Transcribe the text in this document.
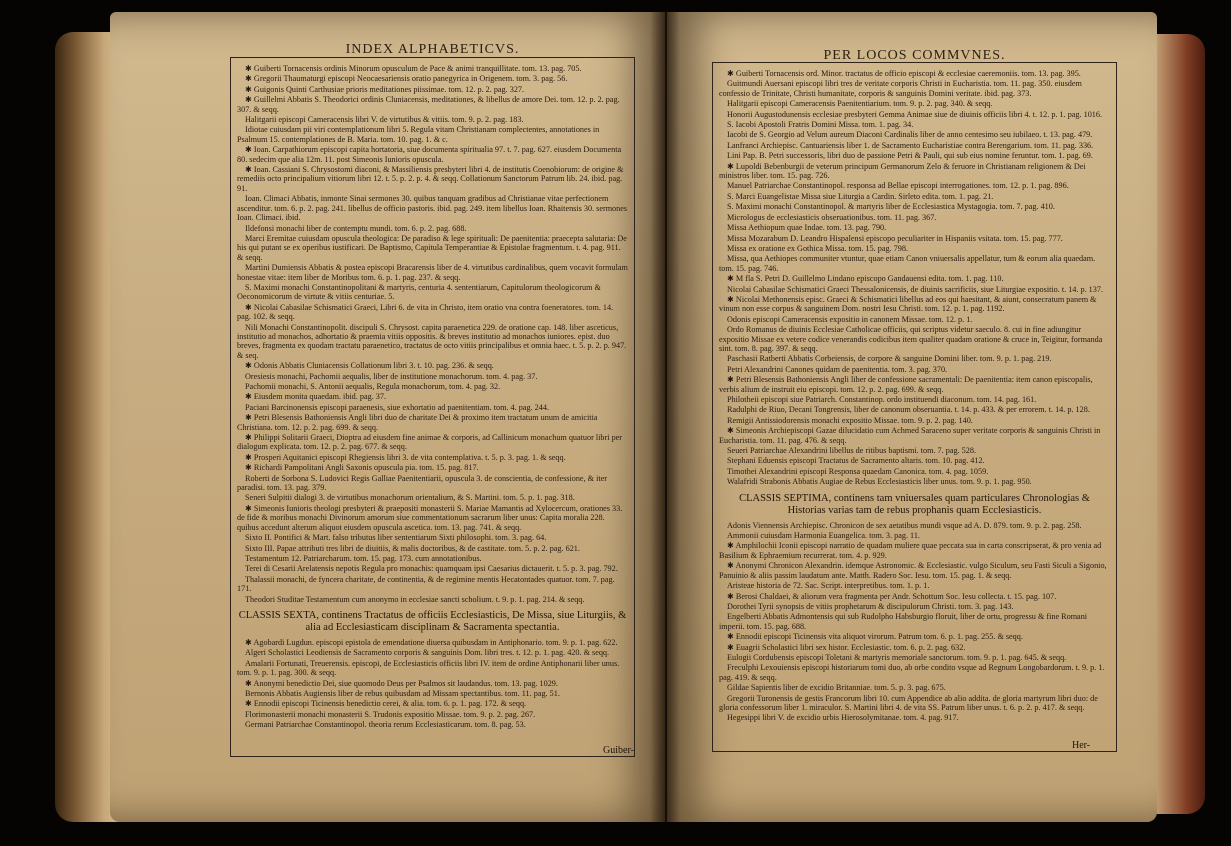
INDEX ALPHABETICVS.
✱ Guiberti Tornacensis ordinis Minorum opusculum de Pace & animi tranquillitate. tom. 13. pag. 705.
✱ Gregorii Thaumaturgi episcopi Neocaesariensis oratio panegyrica in Origenem. tom. 3. pag. 56.
✱ Guigonis Quinti Carthusiae prioris meditationes piissimae. tom. 12. p. 2. pag. 327.
✱ Guillelmi Abbatis S. Theodorici ordinis Cluniacensis, meditationes, & libellus de amore Dei. tom. 12. p. 2. pag. 307. & seqq.
Halitgarii episcopi Cameracensis libri V. de virtutibus & vitiis. tom. 9. p. 2. pag. 183.
Idiotae cuiusdam pii viri contemplationum libri 5. Regula vitam Christianam complectentes, annotationes in Psalmum 15. contemplationes de B. Maria. tom. 10. pag. 1. & c.
✱ Ioan. Carpathiorum episcopi capita hortatoria, siue documenta spiritualia 97. t. 7. pag. 627. eiusdem Documenta 80. sedecim que alia 12m. 11. post Simeonis Iunioris opuscula.
✱ Ioan. Cassiani S. Chrysostomi diaconi, & Massiliensis presbyteri libri 4. de institutis Coenobiorum: de origine & remediis octo principalium vitiorum libri 12. t. 5. p. 2. p. 4. & seqq. Collationum Sanctorum Patrum lib. 24. ibid. pag. 91.
Ioan. Climaci Abbatis, inmonte Sinai sermones 30. quibus tanquam gradibus ad Christianae vitae perfectionem ascenditur. tom. 6. p. 2. pag. 241. libellus de officio pastoris. ibid. pag. 249. item libellus Ioan. Rhaitensis 30. sermones Ioan. Climaci. ibid.
Ildefonsi monachi liber de contemptu mundi. tom. 6. p. 2. pag. 688.
Marci Eremitae cuiusdam opuscula theologica: De paradiso & lege spirituali: De paenitentia: praecepta salutaria: De his qui putant se ex operibus iustificari. De Baptismo, Capitula Temperantiae & Epistolae fragmentum. t. 4. pag. 911. & seqq.
Martini Dumiensis Abbatis & postea episcopi Bracarensis liber de 4. virtutibus cardinalibus, quem vocavit formulam honestae vitae: item liber de Moribus tom. 6. p. 1. pag. 237. & seqq.
S. Maximi monachi Constantinopolitani & martyris, centuria 4. sententiarum, Capitulorum theologicorum & Oeconomicorum de virtute & vitiis centuriae. 5.
✱ Nicolai Cabasilae Schismatici Graeci, Libri 6. de vita in Christo, item oratio vna contra foeneratores. tom. 14. pag. 102. & seqq.
Nili Monachi Constantinopolit. discipuli S. Chrysost. capita paraenetica 229. de oratione cap. 148. liber asceticus, institutio ad monachos, adhortatio & praemia vitiis oppositis. & breves institutio ad monachos iuniores. epist. duo breves, fragmenta ex quodam tractatu paraenetico, tractatus de octo vitiis principalibus et omnia haec. t. 5. p. 2. p. 947. & seq.
✱ Odonis Abbatis Cluniacensis Collationum libri 3. t. 10. pag. 236. & seqq.
Oresiesis monachi, Pachomii aequalis, liber de institutione monachorum. tom. 4. pag. 37.
Pachomii monachi, S. Antonii aequalis, Regula monachorum, tom. 4. pag. 32.
✱ Eiusdem monita quaedam. ibid. pag. 37.
Paciani Barcinonensis episcopi paraenesis, siue exhortatio ad paenitentiam. tom. 4. pag. 244.
✱ Petri Blesensis Bathoniensis Angli libri duo de charitate Dei & proximo item tractatum unum de amicitia Christiana. tom. 12. p. 2. pag. 699. & seqq.
✱ Philippi Solitarii Graeci, Dioptra ad eiusdem fine animae & corporis, ad Callinicum monachum quatuor libri per dialogum explicata. tom. 12. p. 2. pag. 677. & seqq.
✱ Prosperi Aquitanici episcopi Rhegiensis libri 3. de vita contemplativa. t. 5. p. 3. pag. 1. & seqq.
✱ Richardi Pampolitani Angli Saxonis opuscula pia. tom. 15. pag. 817.
Roberti de Sorbona S. Ludovici Regis Galliae Paenitentiarii, opuscula 3. de conscientia, de confessione, & iter paradisi. tom. 13. pag. 379.
Seneri Sulpitii dialogi 3. de virtutibus monachorum orientalium, & S. Martini. tom. 5. p. 1. pag. 318.
✱ Simeonis Iunioris theologi presbyteri & praepositi monasterii S. Mariae Mamantis ad Xylocercum, orationes 33. de fide & moribus monachi Divinorum amorum siue commentationum sacrarum liber unus: Capita moralia 228. quibus accedunt alterum aliquot eiusdem opuscula ascetica. tom. 13. pag. 741. & seqq.
Sixto II. Pontifici & Mart. falso tributus liber sententiarum Sixti philosophi. tom. 3. pag. 64.
Sixto III. Papae attributi tres libri de diuitiis, & malis doctoribus, & de castitate. tom. 5. p. 2. pag. 621.
Testamentum 12. Patriarcharum. tom. 15. pag. 173. cum annotationibus.
Terei di Cesarii Arelatensis nepotis Regula pro monachis: quamquam ipsi Caesarius dictauerit. t. 5. p. 3. pag. 792.
Thalassii monachi, de fyncera charitate, de continentia, & de regimine mentis Hecatontades quatuor. tom. 7. pag. 171.
Theodori Studitae Testamentum cum anonymo in ecclesiae sancti scholium. t. 9. p. 1. pag. 214. & seqq.
CLASSIS SEXTA, continens Tractatus de officiis Ecclesiasticis, De Missa, siue Liturgiis, & alia ad Ecclesiasticam disciplinam & Sacramenta spectantia.
✱ Agobardi Lugdun. episcopi epistola de emendatione diuersa quibusdam in Antiphonario. tom. 9. p. 1. pag. 622.
Algeri Scholastici Leodiensis de Sacramento corporis & sanguinis Dom. libri tres. t. 12. p. 1. pag. 420. & seqq.
Amalarii Fortunati, Treuerensis. episcopi, de Ecclesiasticis officiis libri IV. item de ordine Antiphonarii liber unus. tom. 9. p. 1. pag. 300. & seqq.
✱ Anonymi benedictio Dei, siue quomodo Deus per Psalmos sit laudandus. tom. 13. pag. 1029.
Bernonis Abbatis Augiensis liber de rebus quibusdam ad Missam spectantibus. tom. 11. pag. 51.
✱ Ennodii episcopi Ticinensis benedictio cerei, & alia. tom. 6. p. 1. pag. 172. & seqq.
Florimonasterii monachi monasterii S. Trudonis expositio Missae. tom. 9. p. 2. pag. 267.
Germani Patriarchae Constantinopol. theoria rerum Ecclesiasticarum. tom. 8. pag. 53.
Guiber-
PER LOCOS COMMVNES.
✱ Guiberti Tornacensis ord. Minor. tractatus de officio episcopi & ecclesiae caeremoniis. tom. 13. pag. 395.
Guitmundi Auersani episcopi libri tres de veritate corporis Christi in Eucharistia. tom. 11. pag. 350. eiusdem confessio de Trinitate, Christi humanitate, corporis & sanguinis Domini veritate. ibid. pag. 373.
Halitgarii episcopi Cameracensis Paenitentiarium. tom. 9. p. 2. pag. 340. & seqq.
Honorii Augustodunensis ecclesiae presbyteri Gemma Animae siue de diuinis officiis libri 4. t. 12. p. 1. pag. 1016.
S. Iacobi Apostoli Fratris Domini Missa. tom. 1. pag. 34.
Iacobi de S. Georgio ad Velum aureum Diaconi Cardinalis liber de anno centesimo seu iubilaeo. t. 13. pag. 479.
Lanfranci Archiepisc. Cantuariensis liber 1. de Sacramento Eucharistiae contra Berengarium. tom. 11. pag. 336.
Lini Pap. B. Petri successoris, libri duo de passione Petri & Pauli, qui sub eius nomine feruntur. tom. 1. pag. 69.
✱ Lupoldi Bebenburgii de veterum principum Germanorum Zelo & feruore in Christianam religionem & Dei ministros liber. tom. 15. pag. 726.
Manuel Patriarchae Constantinopol. responsa ad Bellae episcopi interrogationes. tom. 12. p. 1. pag. 896.
S. Marci Euangelistae Missa siue Liturgia a Cardin. Sirleto edita. tom. 1. pag. 21.
S. Maximi monachi Constantinopol. & martyris liber de Ecclesiastica Mystagogia. tom. 7. pag. 410.
Micrologus de ecclesiasticis obseruationibus. tom. 11. pag. 367.
Missa Aethiopum quae Indae. tom. 13. pag. 790.
Missa Mozarabum D. Leandro Hispalensi episcopo peculiariter in Hispaniis vsitata. tom. 15. pag. 777.
Missa ex oratione ex Gothica Missa. tom. 15. pag. 798.
Missa, qua Aethiopes communiter vtuntur, quae etiam Canon vniuersalis appellatur, tum & eorum alia quaedam. tom. 15. pag. 746.
✱ M fla S. Petri D. Guillelmo Lindano episcopo Gandauensi edita. tom. 1. pag. 110.
Nicolai Cabasilae Schismatici Graeci Thessalonicensis, de diuinis sacrificiis, siue Liturgiae expositio. t. 14. p. 137.
✱ Nicolai Methonensis episc. Graeci & Schismatici libellus ad eos qui haesitant, & aiunt, consecratum panem & vinum non esse corpus & sanguinem Dom. nostri Iesu Christi. tom. 12. p. 1. pag. 1192.
Odonis episcopi Cameracensis expositio in canonem Missae. tom. 12. p. 1.
Ordo Romanus de diuinis Ecclesiae Catholicae officiis, qui scriptus videtur saeculo. 8. cui in fine adiungitur expositio Missae ex vetere codice venerandis codicibus item qualiter quadam oratione & cruce in, Teigitur, formanda sint. tom. 8. pag. 397. & seqq.
Paschasii Ratberti Abbatis Corbeiensis, de corpore & sanguine Domini liber. tom. 9. p. 1. pag. 219.
Petri Alexandrini Canones quidam de paenitentia. tom. 3. pag. 370.
✱ Petri Blesensis Bathoniensis Angli liber de confessione sacramentali: De paenitentia: item canon episcopalis, verbis alium de instruit eiu episcopi. tom. 12. p. 2. pag. 699. & seqq.
Philotheii episcopi siue Patriarch. Constantinop. ordo instituendi diaconum. tom. 14. pag. 161.
Radulphi de Riuo, Decani Tongrensis, liber de canonum obseruantia. t. 14. p. 433. & per errorem. t. 14. p. 128.
Remigii Antissiodorensis monachi expositio Missae. tom. 9. p. 2. pag. 140.
✱ Simeonis Archiepiscopi Gazae dilucidatio cum Achmed Saraceno super veritate corporis & sanguinis Christi in Eucharistia. tom. 11. pag. 476. & seqq.
Seueri Patriarchae Alexandrini libellus de ritibus baptismi. tom. 7. pag. 528.
Stephani Eduensis episcopi Tractatus de Sacramento altaris. tom. 10. pag. 412.
Timothei Alexandrini episcopi Responsa quaedam Canonica. tom. 4. pag. 1059.
Walafridi Strabonis Abbatis Augiae de Rebus Ecclesiasticis liber unus. tom. 9. p. 1. pag. 950.
CLASSIS SEPTIMA, continens tam vniuersales quam particulares Chronologias & Historias varias tam de rebus prophanis quam Ecclesiasticis.
Adonis Viennensis Archiepisc. Chronicon de sex aetatibus mundi vsque ad A. D. 879. tom. 9. p. 2. pag. 258.
Ammonii cuiusdam Harmonia Euangelica. tom. 3. pag. 11.
✱ Amphilochii Iconii episcopi narratio de quadam muliere quae peccata sua in carta conscripserat, & pro venia ad Basilium & Ephraemium recurrerat. tom. 4. p. 929.
✱ Anonymi Chronicon Alexandrin. idemque Astronomic. & Ecclesiastic. vulgo Siculum, seu Fasti Siculi a Sigonio, Panuinio & aliis passim laudatum ante. Matth. Radero Soc. Iesu. tom. 15. pag. 1. & seqq.
Aristeae historia de 72. Sac. Script. interpretibus. tom. 1. p. 1.
✱ Berosi Chaldaei, & aliorum vera fragmenta per Andr. Schottum Soc. Iesu collecta. t. 15. pag. 107.
Dorothei Tyrii synopsis de vitiis prophetarum & discipulorum Christi. tom. 3. pag. 143.
Engelberti Abbatis Admontensis qui sub Rudolpho Habsburgio floruit, liber de ortu, progressu & fine Romani imperii. tom. 15. pag. 688.
✱ Ennodii episcopi Ticinensis vita aliquot virorum. Patrum tom. 6. p. 1. pag. 255. & seqq.
✱ Euagrii Scholastici libri sex histor. Ecclesiastic. tom. 6. p. 2. pag. 632.
Eulogii Cordubensis episcopi Toletani & martyris memoriale sanctorum. tom. 9. p. 1. pag. 645. & seqq.
Freculphi Lexouiensis episcopi historiarum tomi duo, ab orbe condito vsque ad Regnum Longobardorum. t. 9. p. 1. pag. 419. & seqq.
Gildae Sapientis liber de excidio Britanniae. tom. 5. p. 3. pag. 675.
Gregorii Turonensis de gestis Francorum libri 10. cum Appendice ab alio addita. de gloria martyrum libri duo: de gloria confessorum liber 1. miraculor. S. Martini libri 4. de vita SS. Patrum liber unus. t. 6. p. 2. p. 417. & seqq.
Hegesippi libri V. de excidio urbis Hierosolymitanae. tom. 4. pag. 917.
Her-
